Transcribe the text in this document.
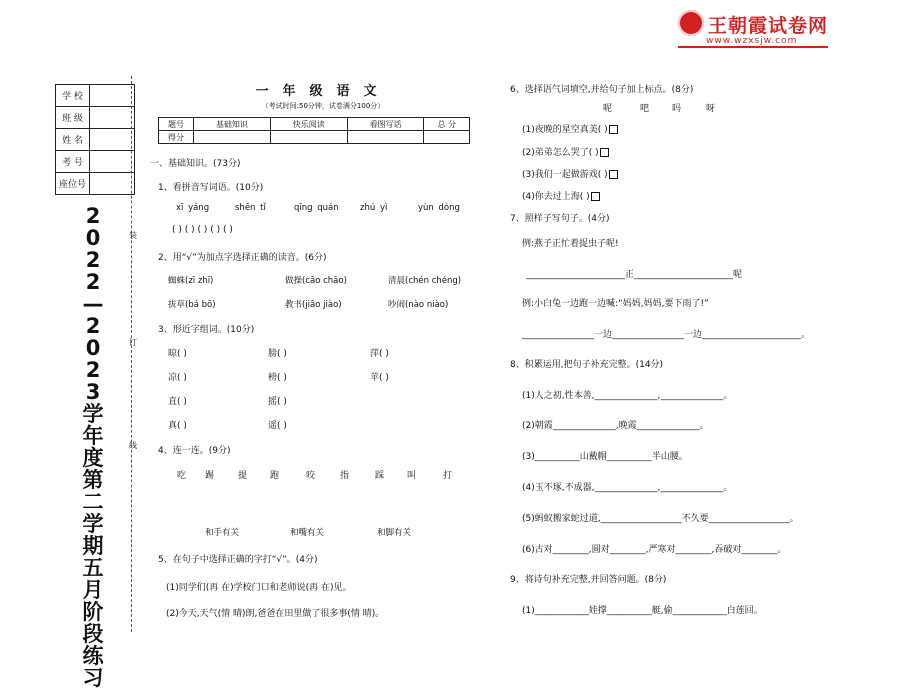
王朝霞试卷网
www.wzxsjw.com
学 校	
班 级	
姓 名	
考 号	
座位号	
2022—2023学年度第二学期五月阶段练习
装
订
线
一年级语文
（考试时间:50分钟，试卷满分100分）
题号	基础知识	快乐阅读	看图写话	总 分
得分				
一、基础知识。(73分)
1、看拼音写词语。(10分)
xī yáng	shēn tǐ	qīng quán	zhú yì	yùn dòng
( ) ( ) ( ) ( ) ( )
2、用“√”为加点字选择正确的读音。(6分)
蜘蛛(zī zhī)	做操(cāo chāo)	清晨(chén chéng)
拔草(bá bō)	教书(jiāo jiào)	吵闹(nào niào)
3、形近字组词。(10分)
晾( )	膀( )	萍( )
凉( )	榜( )	苹( )
直( )	摇( )
真( )	遥( )
4、连一连。(9分)
吃 踢	提	跑	咬	指	踩	叫	打
和手有关	和嘴有关	和脚有关
5、在句子中选择正确的字打“√”。(4分)
(1)同学们(再 在)学校门口和老师说(再 在)见。
(2)今天,天气(情 晴)朗,爸爸在田里做了很多事(情 晴)。
6、选择语气词填空,并给句子加上标点。(8分)
呢	吧	吗	呀
(1)夜晚的星空真美( )
(2)弟弟怎么哭了( )
(3)我们一起做游戏( )
(4)你去过上海( )
7、照样子写句子。(4分)
例:燕子正忙着捉虫子呢!
______________________正______________________呢
例:小白兔一边跑一边喊:“妈妈,妈妈,要下雨了!”
________________一边________________一边______________________。
8、积累运用,把句子补充完整。(14分)
(1)人之初,性本善,______________,______________。
(2)朝霞______________,晚霞______________。
(3)__________山戴帽__________半山腰。
(4)玉不琢,不成器,______________,______________。
(5)蚂蚁搬家蛇过道,__________________不久要__________________。
(6)古对________,圆对________,严寒对________,吞破对________。
9、将诗句补充完整,并回答问题。(8分)
(1)____________娃撑__________艇,偷____________白莲回。
